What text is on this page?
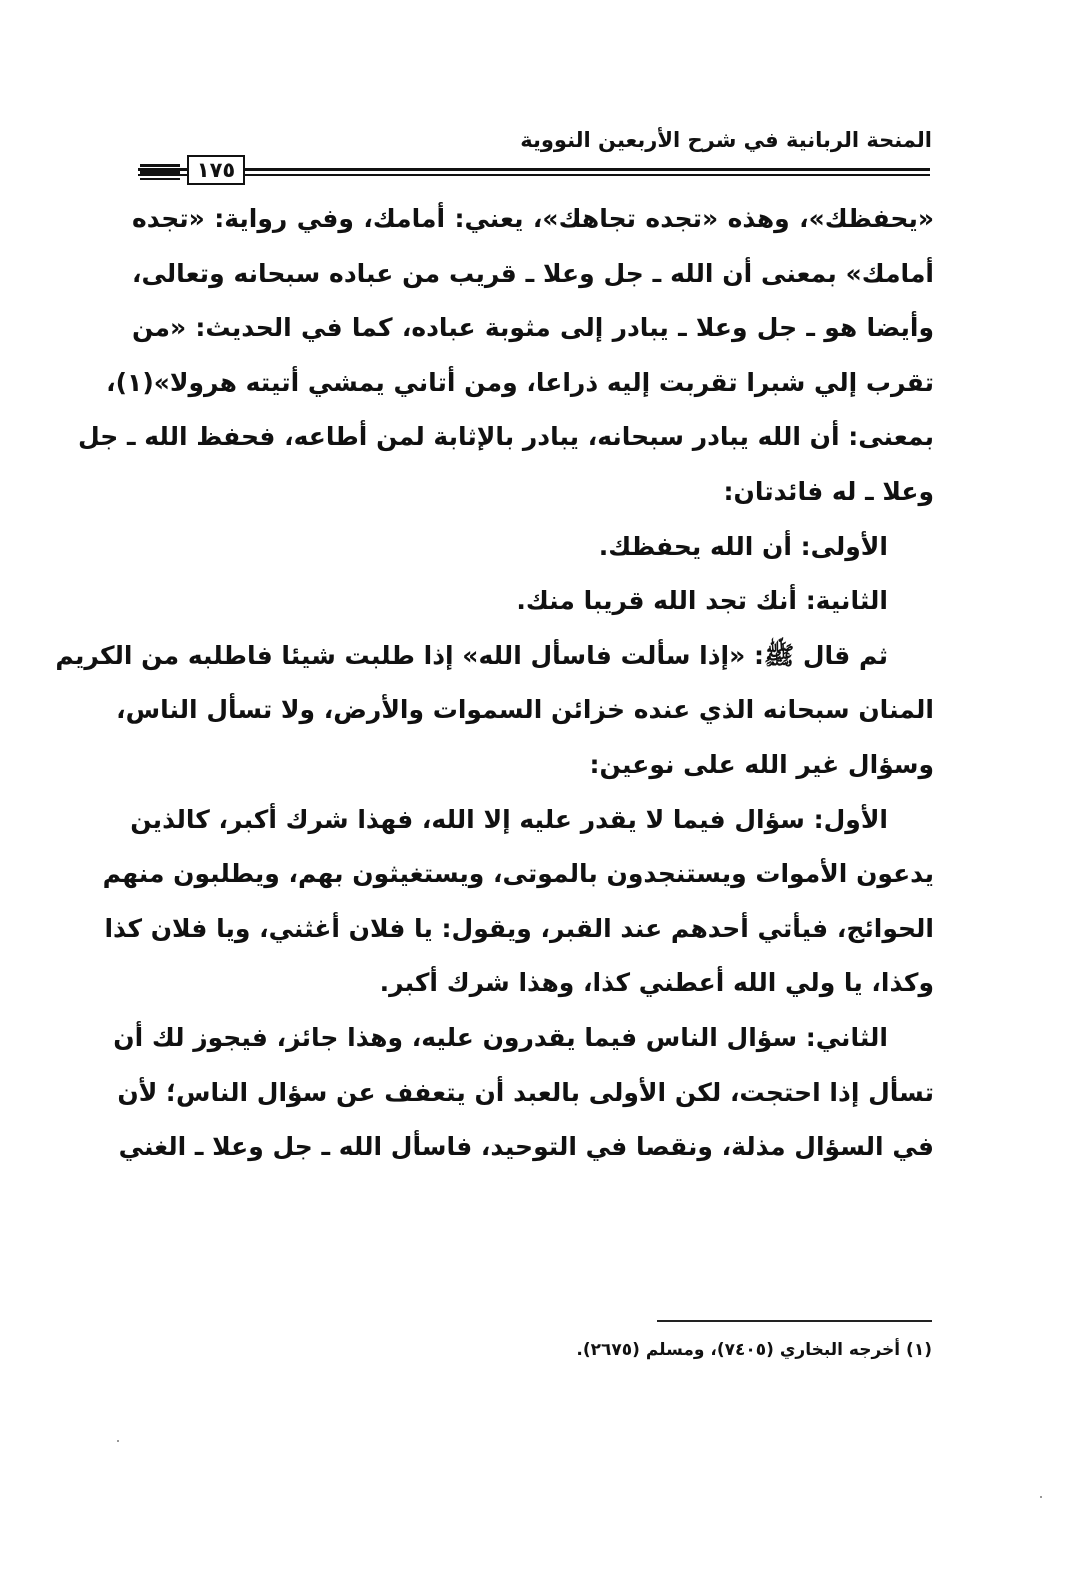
المنحة الربانية في شرح الأربعين النووية
١٧٥
«يحفظك»، وهذه «تجده تجاهك»، يعني: أمامك، وفي رواية: «تجده
أمامك» بمعنى أن الله ـ جل وعلا ـ قريب من عباده سبحانه وتعالى،
وأيضا هو ـ جل وعلا ـ يبادر إلى مثوبة عباده، كما في الحديث: «من
تقرب إلي شبرا تقربت إليه ذراعا، ومن أتاني يمشي أتيته هرولا»(١)،
بمعنى: أن الله يبادر سبحانه، يبادر بالإثابة لمن أطاعه، فحفظ الله ـ جل
وعلا ـ له فائدتان:
الأولى: أن الله يحفظك.
الثانية: أنك تجد الله قريبا منك.
ثم قال ﷺ: «إذا سألت فاسأل الله» إذا طلبت شيئا فاطلبه من الكريم
المنان سبحانه الذي عنده خزائن السموات والأرض، ولا تسأل الناس،
وسؤال غير الله على نوعين:
الأول: سؤال فيما لا يقدر عليه إلا الله، فهذا شرك أكبر، كالذين
يدعون الأموات ويستنجدون بالموتى، ويستغيثون بهم، ويطلبون منهم
الحوائج، فيأتي أحدهم عند القبر، ويقول: يا فلان أغثني، ويا فلان كذا
وكذا، يا ولي الله أعطني كذا، وهذا شرك أكبر.
الثاني: سؤال الناس فيما يقدرون عليه، وهذا جائز، فيجوز لك أن
تسأل إذا احتجت، لكن الأولى بالعبد أن يتعفف عن سؤال الناس؛ لأن
في السؤال مذلة، ونقصا في التوحيد، فاسأل الله ـ جل وعلا ـ الغني
(١) أخرجه البخاري (٧٤٠٥)، ومسلم (٢٦٧٥).
